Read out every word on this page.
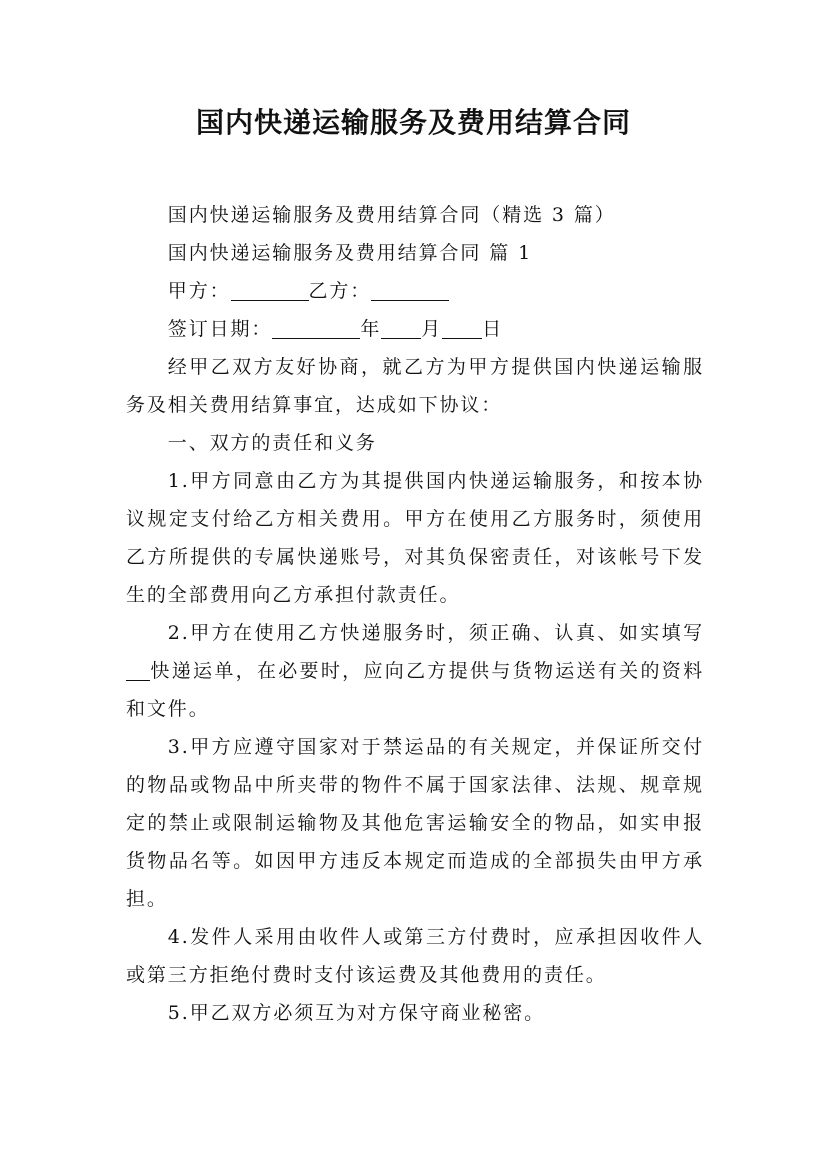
国内快递运输服务及费用结算合同

国内快递运输服务及费用结算合同（精选 3 篇）

国内快递运输服务及费用结算合同 篇 1

甲方：	乙方：

签订日期：	年 月 日

经甲乙双方友好协商，就乙方为甲方提供国内快递运输服务及相关费用结算事宜，达成如下协议：

一、双方的责任和义务

1.甲方同意由乙方为其提供国内快递运输服务，和按本协议规定支付给乙方相关费用。甲方在使用乙方服务时，须使用乙方所提供的专属快递账号，对其负保密责任，对该帐号下发生的全部费用向乙方承担付款责任。

2.甲方在使用乙方快递服务时，须正确、认真、如实填写快递运单，在必要时，应向乙方提供与货物运送有关的资料和文件。

3.甲方应遵守国家对于禁运品的有关规定，并保证所交付的物品或物品中所夹带的物件不属于国家法律、法规、规章规定的禁止或限制运输物及其他危害运输安全的物品，如实申报货物品名等。如因甲方违反本规定而造成的全部损失由甲方承担。

4.发件人采用由收件人或第三方付费时，应承担因收件人或第三方拒绝付费时支付该运费及其他费用的责任。

5.甲乙双方必须互为对方保守商业秘密。
